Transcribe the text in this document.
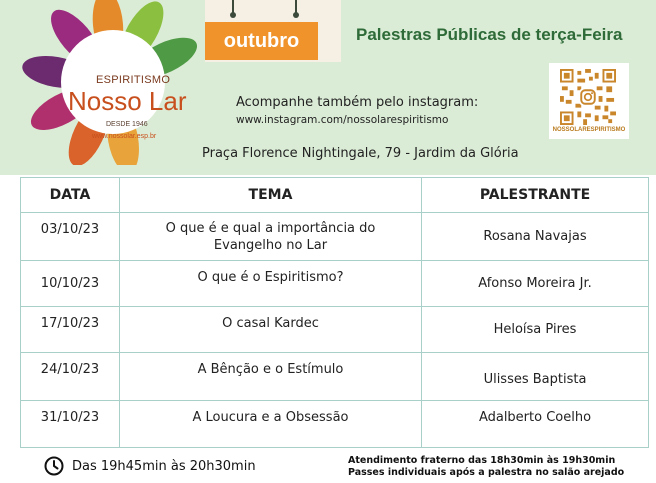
ESPIRITISMO
Nosso Lar
DESDE 1946
www.nossolar.esp.br
outubro	Palestras Públicas de terça-Feira
Acompanhe também pelo instagram:
www.instagram.com/nossolarespiritismo
NOSSOLARESPIRITISMO
Praça Florence Nightingale, 79 - Jardim da Glória
DATA	TEMA	PALESTRANTE
03/10/23	O que é e qual a importância do Evangelho no Lar	Rosana Navajas
10/10/23	O que é o Espiritismo?	Afonso Moreira Jr.
17/10/23	O casal Kardec	Heloísa Pires
24/10/23	A Bênção e o Estímulo	Ulisses Baptista
31/10/23	A Loucura e a Obsessão	Adalberto Coelho
Das 19h45min às 20h30min	Atendimento fraterno das 18h30min às 19h30min
Passes individuais após a palestra no salão arejado
